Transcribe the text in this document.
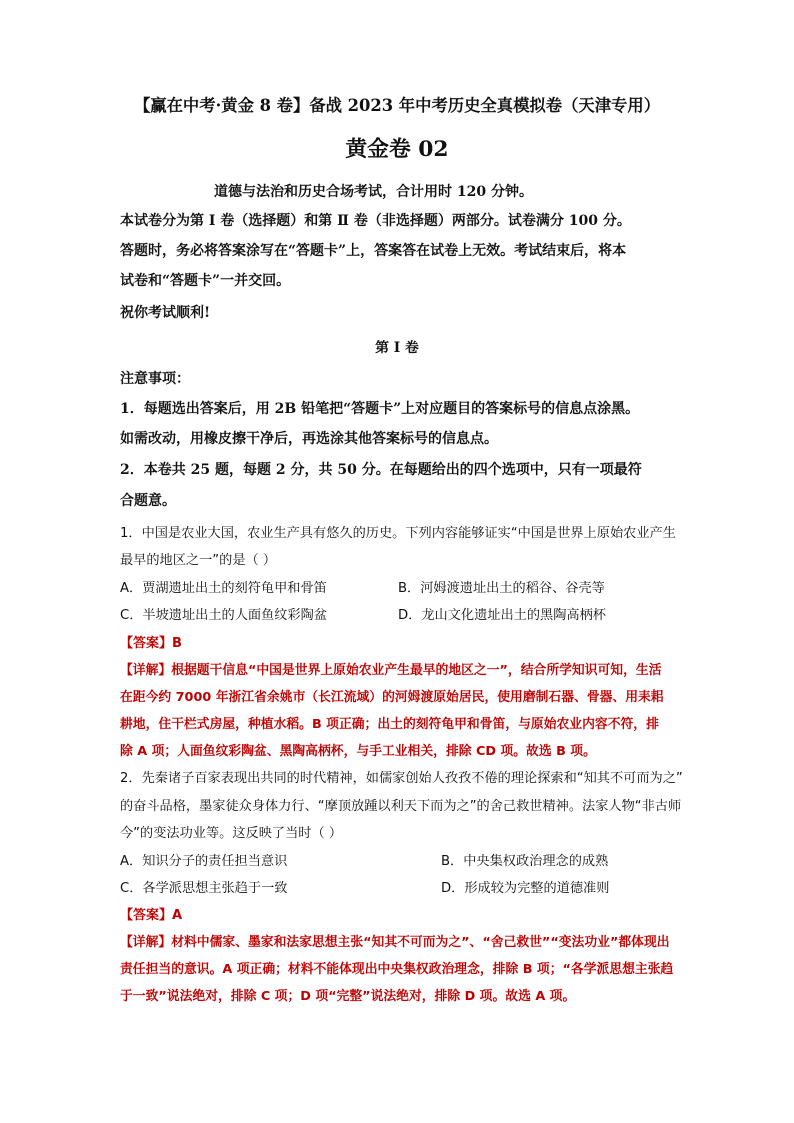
【赢在中考·黄金 8 卷】备战 2023 年中考历史全真模拟卷（天津专用）
黄金卷 02
道德与法治和历史合场考试，合计用时 120 分钟。
本试卷分为第 Ⅰ 卷（选择题）和第 Ⅱ 卷（非选择题）两部分。试卷满分 100 分。
答题时，务必将答案涂写在“答题卡”上，答案答在试卷上无效。考试结束后，将本
试卷和“答题卡”一并交回。
祝你考试顺利!
第 Ⅰ 卷
注意事项：
1．每题选出答案后，用 2B 铅笔把“答题卡”上对应题目的答案标号的信息点涂黑。
如需改动，用橡皮擦干净后，再选涂其他答案标号的信息点。
2．本卷共 25 题，每题 2 分，共 50 分。在每题给出的四个选项中，只有一项最符
合题意。
1．中国是农业大国，农业生产具有悠久的历史。下列内容能够证实“中国是世界上原始农业产生
最早的地区之一”的是（ ）
A．贾湖遗址出土的刻符龟甲和骨笛	B．河姆渡遗址出土的稻谷、谷壳等
C．半坡遗址出土的人面鱼纹彩陶盆	D．龙山文化遗址出土的黑陶高柄杯
【答案】B
【详解】根据题干信息“中国是世界上原始农业产生最早的地区之一”，结合所学知识可知，生活
在距今约 7000 年浙江省余姚市（长江流域）的河姆渡原始居民，使用磨制石器、骨器、用耒耜
耕地，住干栏式房屋，种植水稻。B 项正确；出土的刻符龟甲和骨笛，与原始农业内容不符，排
除 A 项；人面鱼纹彩陶盆、黑陶高柄杯，与手工业相关，排除 CD 项。故选 B 项。
2．先秦诸子百家表现出共同的时代精神，如儒家创始人孜孜不倦的理论探索和“知其不可而为之”
的奋斗品格，墨家徒众身体力行、“摩顶放踵以利天下而为之”的舍己救世精神。法家人物“非古师
今”的变法功业等。这反映了当时（ ）
A．知识分子的责任担当意识	B．中央集权政治理念的成熟
C．各学派思想主张趋于一致	D．形成较为完整的道德准则
【答案】A
【详解】材料中儒家、墨家和法家思想主张“知其不可而为之”、“舍己救世”“变法功业”都体现出
责任担当的意识。A 项正确；材料不能体现出中央集权政治理念，排除 B 项；“各学派思想主张趋
于一致”说法绝对，排除 C 项；D 项“完整”说法绝对，排除 D 项。故选 A 项。
